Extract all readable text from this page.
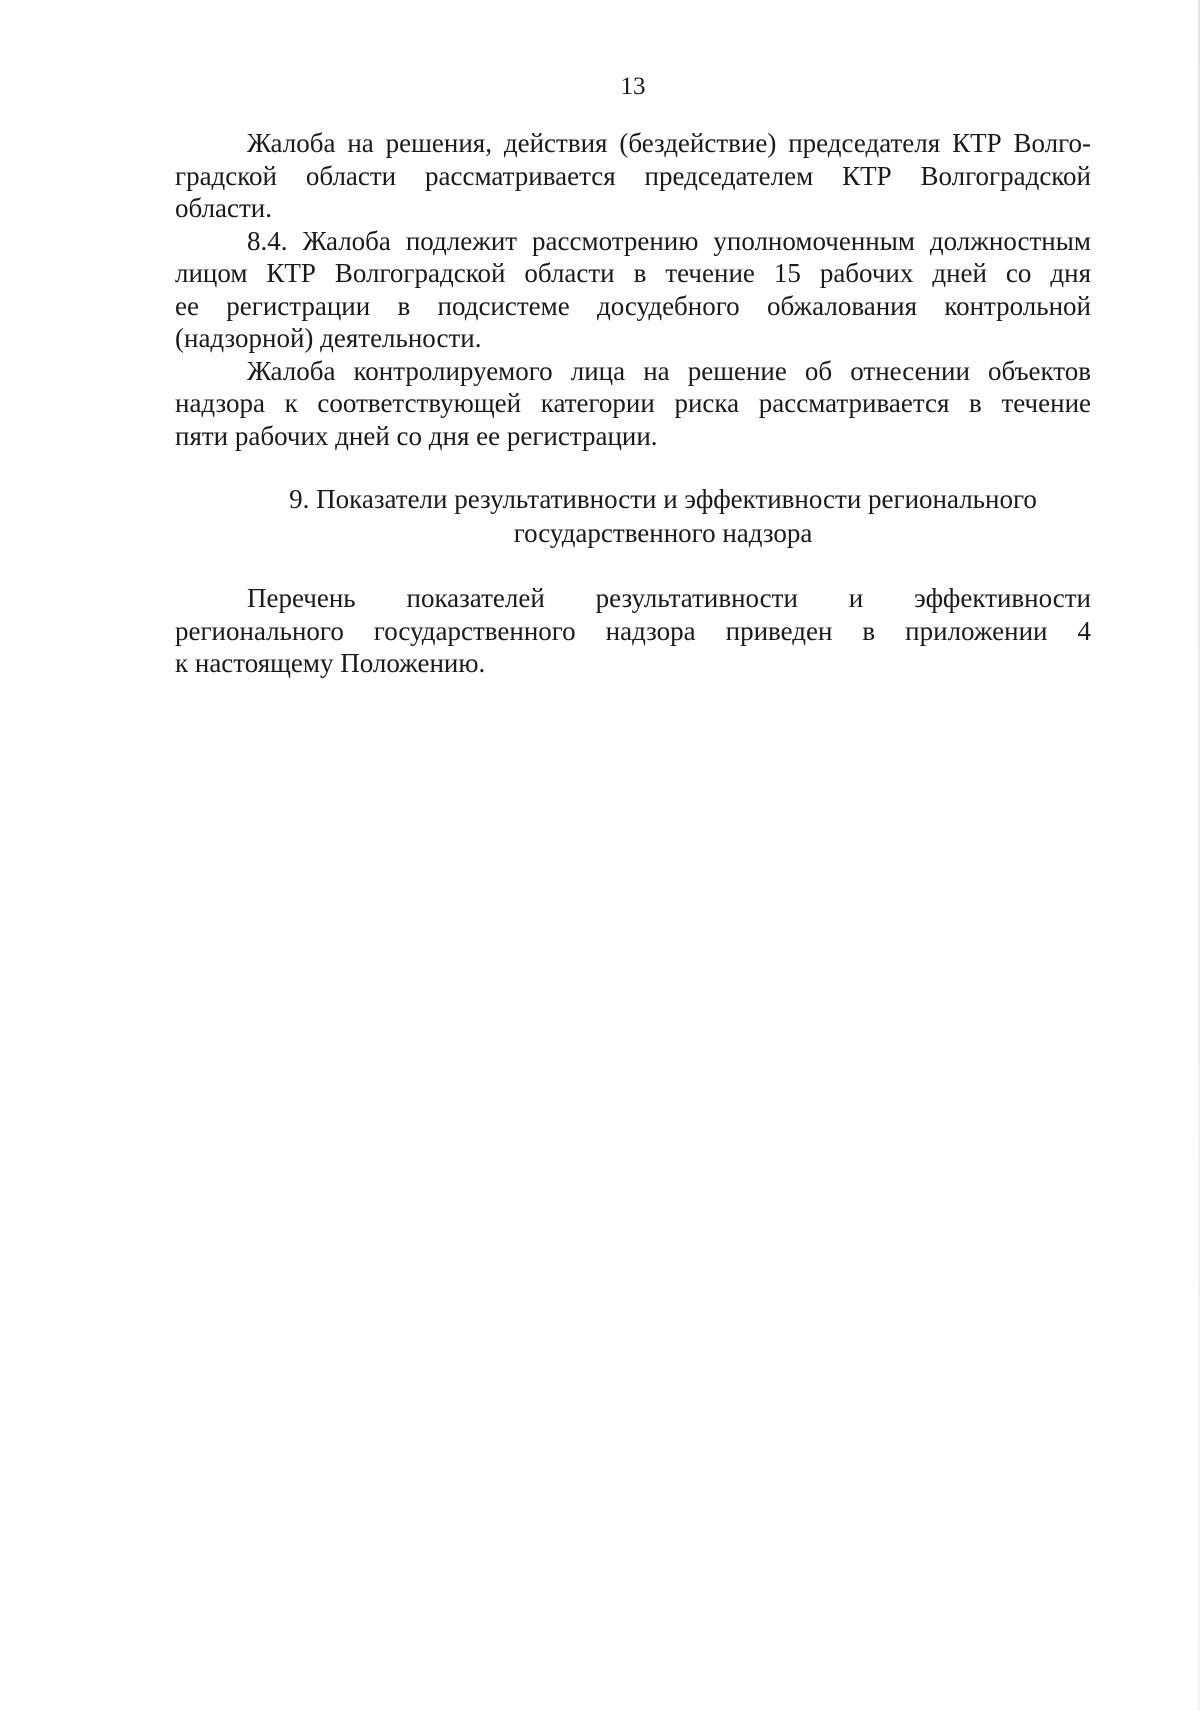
13
Жалоба на решения, действия (бездействие) председателя КТР Волго-
градской области рассматривается председателем КТР Волгоградской
области.
8.4. Жалоба подлежит рассмотрению уполномоченным должностным
лицом КТР Волгоградской области в течение 15 рабочих дней со дня
ее регистрации в подсистеме досудебного обжалования контрольной
(надзорной) деятельности.
Жалоба контролируемого лица на решение об отнесении объектов
надзора к соответствующей категории риска рассматривается в течение
пяти рабочих дней со дня ее регистрации.
9. Показатели результативности и эффективности регионального
государственного надзора
Перечень показателей результативности и эффективности
регионального государственного надзора приведен в приложении 4
к настоящему Положению.
